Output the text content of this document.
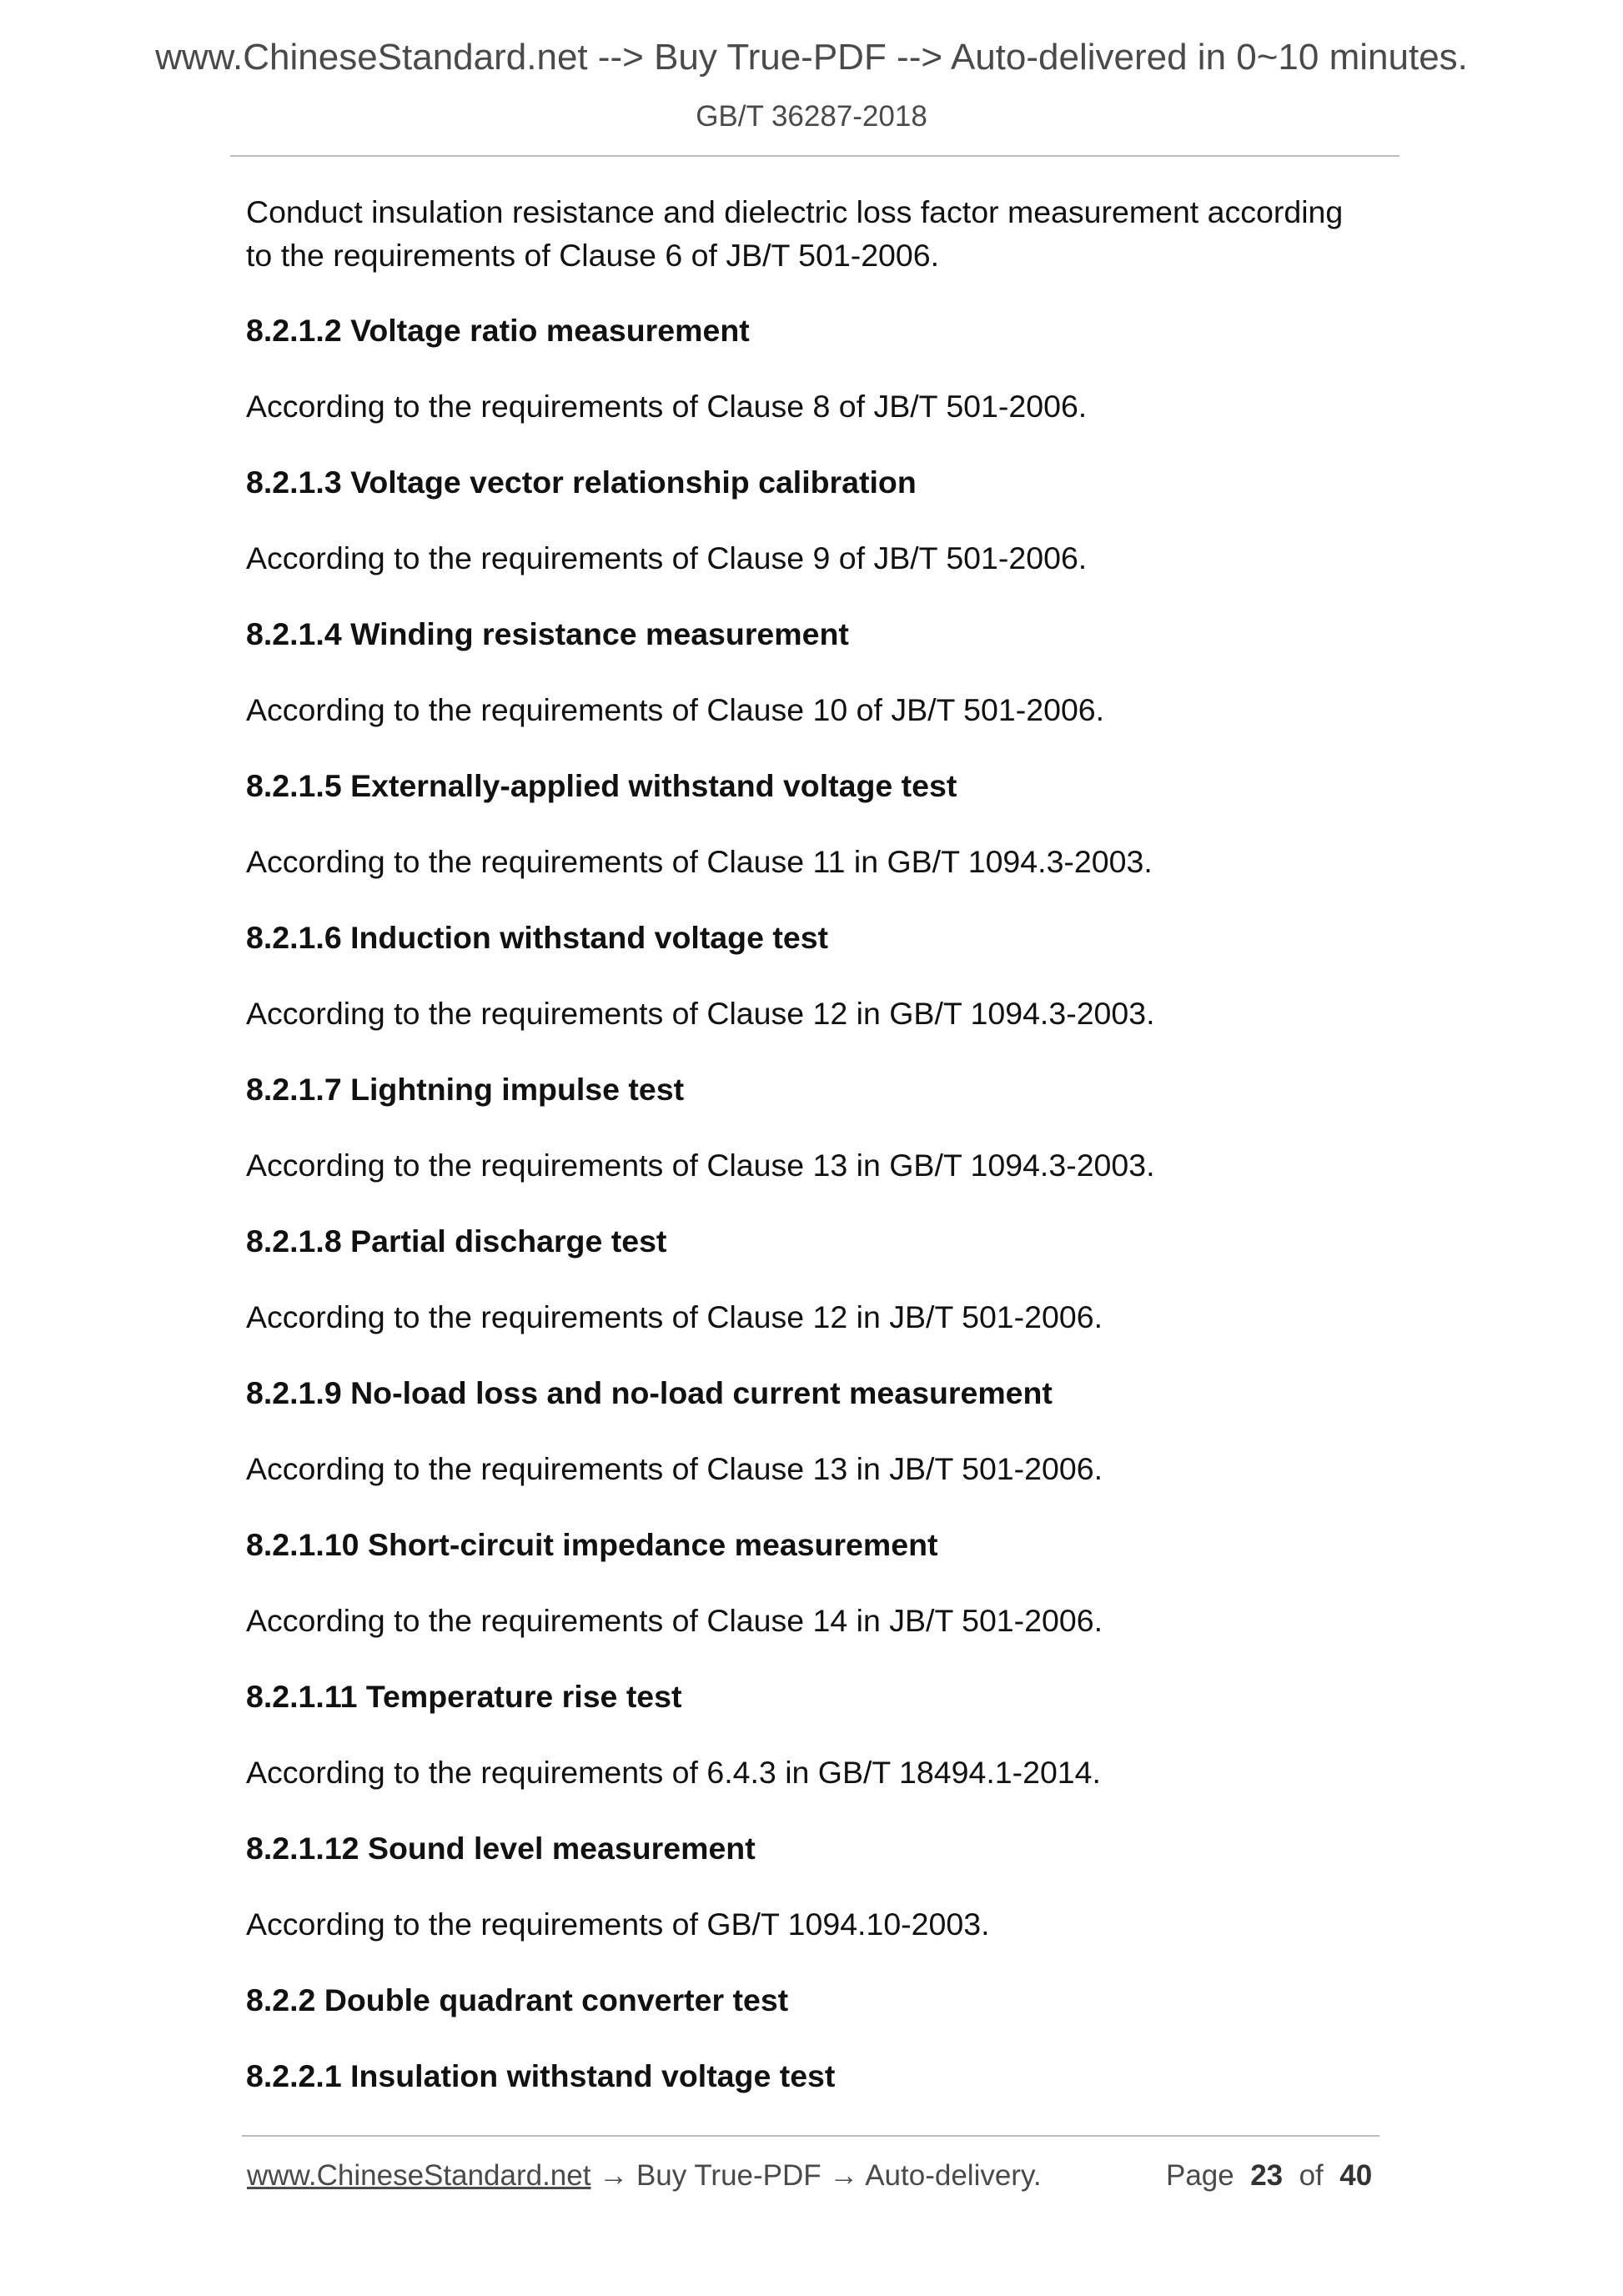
www.ChineseStandard.net --> Buy True-PDF --> Auto-delivered in 0~10 minutes.
GB/T 36287-2018
Conduct insulation resistance and dielectric loss factor measurement according
to the requirements of Clause 6 of JB/T 501-2006.
8.2.1.2 Voltage ratio measurement
According to the requirements of Clause 8 of JB/T 501-2006.
8.2.1.3 Voltage vector relationship calibration
According to the requirements of Clause 9 of JB/T 501-2006.
8.2.1.4 Winding resistance measurement
According to the requirements of Clause 10 of JB/T 501-2006.
8.2.1.5 Externally-applied withstand voltage test
According to the requirements of Clause 11 in GB/T 1094.3-2003.
8.2.1.6 Induction withstand voltage test
According to the requirements of Clause 12 in GB/T 1094.3-2003.
8.2.1.7 Lightning impulse test
According to the requirements of Clause 13 in GB/T 1094.3-2003.
8.2.1.8 Partial discharge test
According to the requirements of Clause 12 in JB/T 501-2006.
8.2.1.9 No-load loss and no-load current measurement
According to the requirements of Clause 13 in JB/T 501-2006.
8.2.1.10 Short-circuit impedance measurement
According to the requirements of Clause 14 in JB/T 501-2006.
8.2.1.11 Temperature rise test
According to the requirements of 6.4.3 in GB/T 18494.1-2014.
8.2.1.12 Sound level measurement
According to the requirements of GB/T 1094.10-2003.
8.2.2 Double quadrant converter test
8.2.2.1 Insulation withstand voltage test
www.ChineseStandard.net → Buy True-PDF → Auto-delivery.	Page 23 of 40
